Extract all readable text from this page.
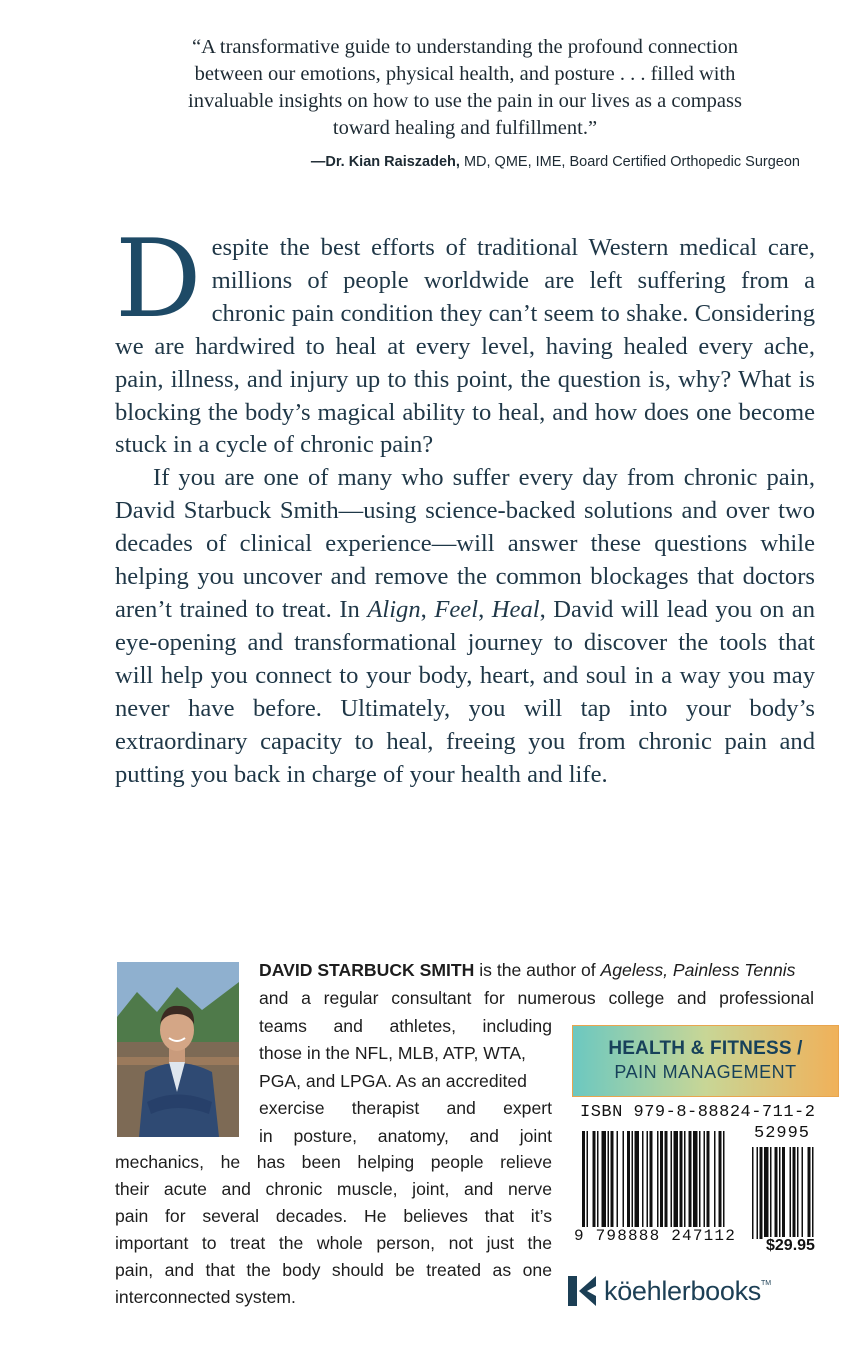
“A transformative guide to understanding the profound connection

between our emotions, physical health, and posture . . . filled with

invaluable insights on how to use the pain in our lives as a compass

toward healing and fulfillment.”

—Dr. Kian Raiszadeh, MD, QME, IME, Board Certified Orthopedic Surgeon

Despite the best efforts of traditional Western medical care, millions of people worldwide are left suffering from a chronic pain condition they can’t seem to shake. Considering we are hardwired to heal at every level, having healed every ache, pain, illness, and injury up to this point, the question is, why? What is blocking the body’s magical ability to heal, and how does one become stuck in a cycle of chronic pain?

If you are one of many who suffer every day from chronic pain, David Starbuck Smith—using science-backed solutions and over two decades of clinical experience—will answer these questions while helping you uncover and remove the common blockages that doctors aren’t trained to treat. In Align, Feel, Heal, David will lead you on an eye-opening and transformational journey to discover the tools that will help you connect to your body, heart, and soul in a way you may never have before. Ultimately, you will tap into your body’s extraordinary capacity to heal, freeing you from chronic pain and putting you back in charge of your health and life.

DAVID STARBUCK SMITH is the author of Ageless, Painless Tennis
and a regular consultant for numerous college and professional
teams and athletes, including
those in the NFL, MLB, ATP, WTA,
PGA, and LPGA. As an accredited
exercise therapist and expert
in posture, anatomy, and joint
mechanics, he has been helping people relieve
their acute and chronic muscle, joint, and nerve
pain for several decades. He believes that it’s
important to treat the whole person, not just the
pain, and that the body should be treated as one
interconnected system.
HEALTH & FITNESS /
PAIN MANAGEMENT
ISBN 979-8-88824-711-2
52995
9 798888 247112
$29.95
köehlerbooks TM
